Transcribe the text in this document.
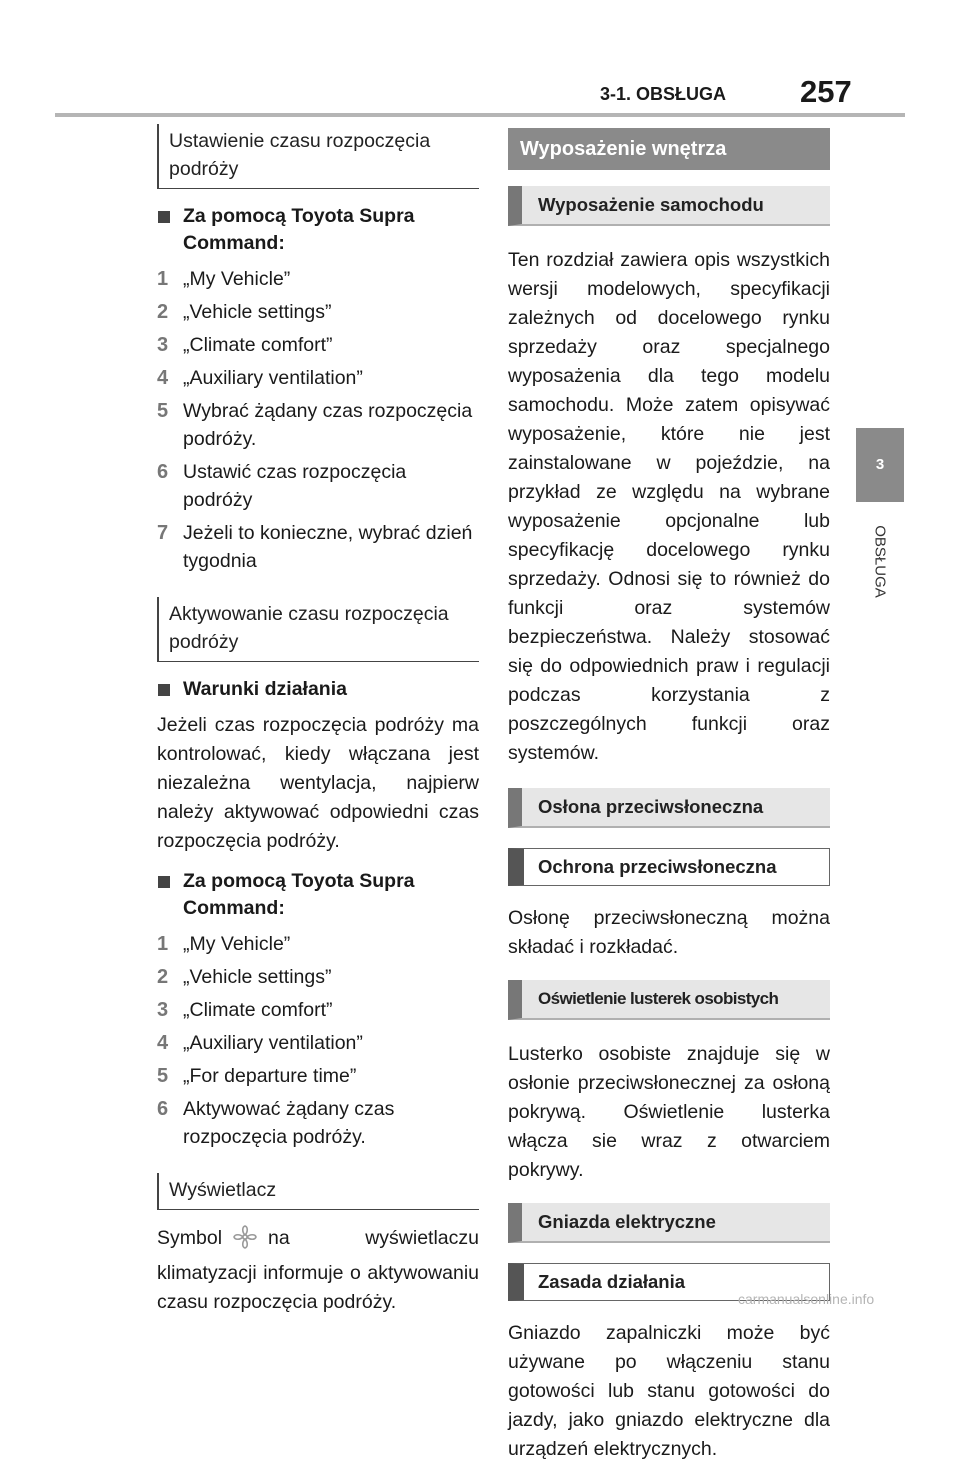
3-1. OBSŁUGA 257
3
OBSŁUGA
Ustawienie czasu rozpoczęcia podróży
Za pomocą Toyota Supra Command:
1 „My Vehicle”
2 „Vehicle settings”
3 „Climate comfort”
4 „Auxiliary ventilation”
5 Wybrać żądany czas rozpoczęcia podróży.
6 Ustawić czas rozpoczęcia podróży
7 Jeżeli to konieczne, wybrać dzień tygodnia
Aktywowanie czasu rozpoczęcia podróży
Warunki działania

Jeżeli czas rozpoczęcia podróży ma kontrolować, kiedy włączana jest niezależna wentylacja, najpierw należy aktywować odpowiedni czas rozpoczęcia podróży.

Za pomocą Toyota Supra Command:
1 „My Vehicle”
2 „Vehicle settings”
3 „Climate comfort”
4 „Auxiliary ventilation”
5 „For departure time”
6 Aktywować żądany czas rozpoczęcia podróży.
Wyświetlacz

Symbol na wyświetlaczu klimatyzacji informuje o aktywowaniu czasu rozpoczęcia podróży.

Wyposażenie wnętrza
Wyposażenie samochodu

Ten rozdział zawiera opis wszystkich wersji modelowych, specyfikacji zależnych od docelowego rynku sprzedaży oraz specjalnego wyposażenia dla tego modelu samochodu. Może zatem opisywać wyposażenie, które nie jest zainstalowane w pojeździe, na przykład ze względu na wybrane wyposażenie opcjonalne lub specyfikację docelowego rynku sprzedaży. Odnosi się to również do funkcji oraz systemów bezpieczeństwa. Należy stosować się do odpowiednich praw i regulacji podczas korzystania z poszczególnych funkcji oraz systemów.

Osłona przeciwsłoneczna
Ochrona przeciwsłoneczna

Osłonę przeciwsłoneczną można składać i rozkładać.

Oświetlenie lusterek osobistych

Lusterko osobiste znajduje się w osłonie przeciwsłonecznej za osłoną pokrywą. Oświetlenie lusterka włącza sie wraz z otwarciem pokrywy.

Gniazda elektryczne
Zasada działania

Gniazdo zapalniczki może być używane po włączeniu stanu gotowości lub stanu gotowości do jazdy, jako gniazdo elektryczne dla urządzeń elektrycznych.

carmanualsonline.info
